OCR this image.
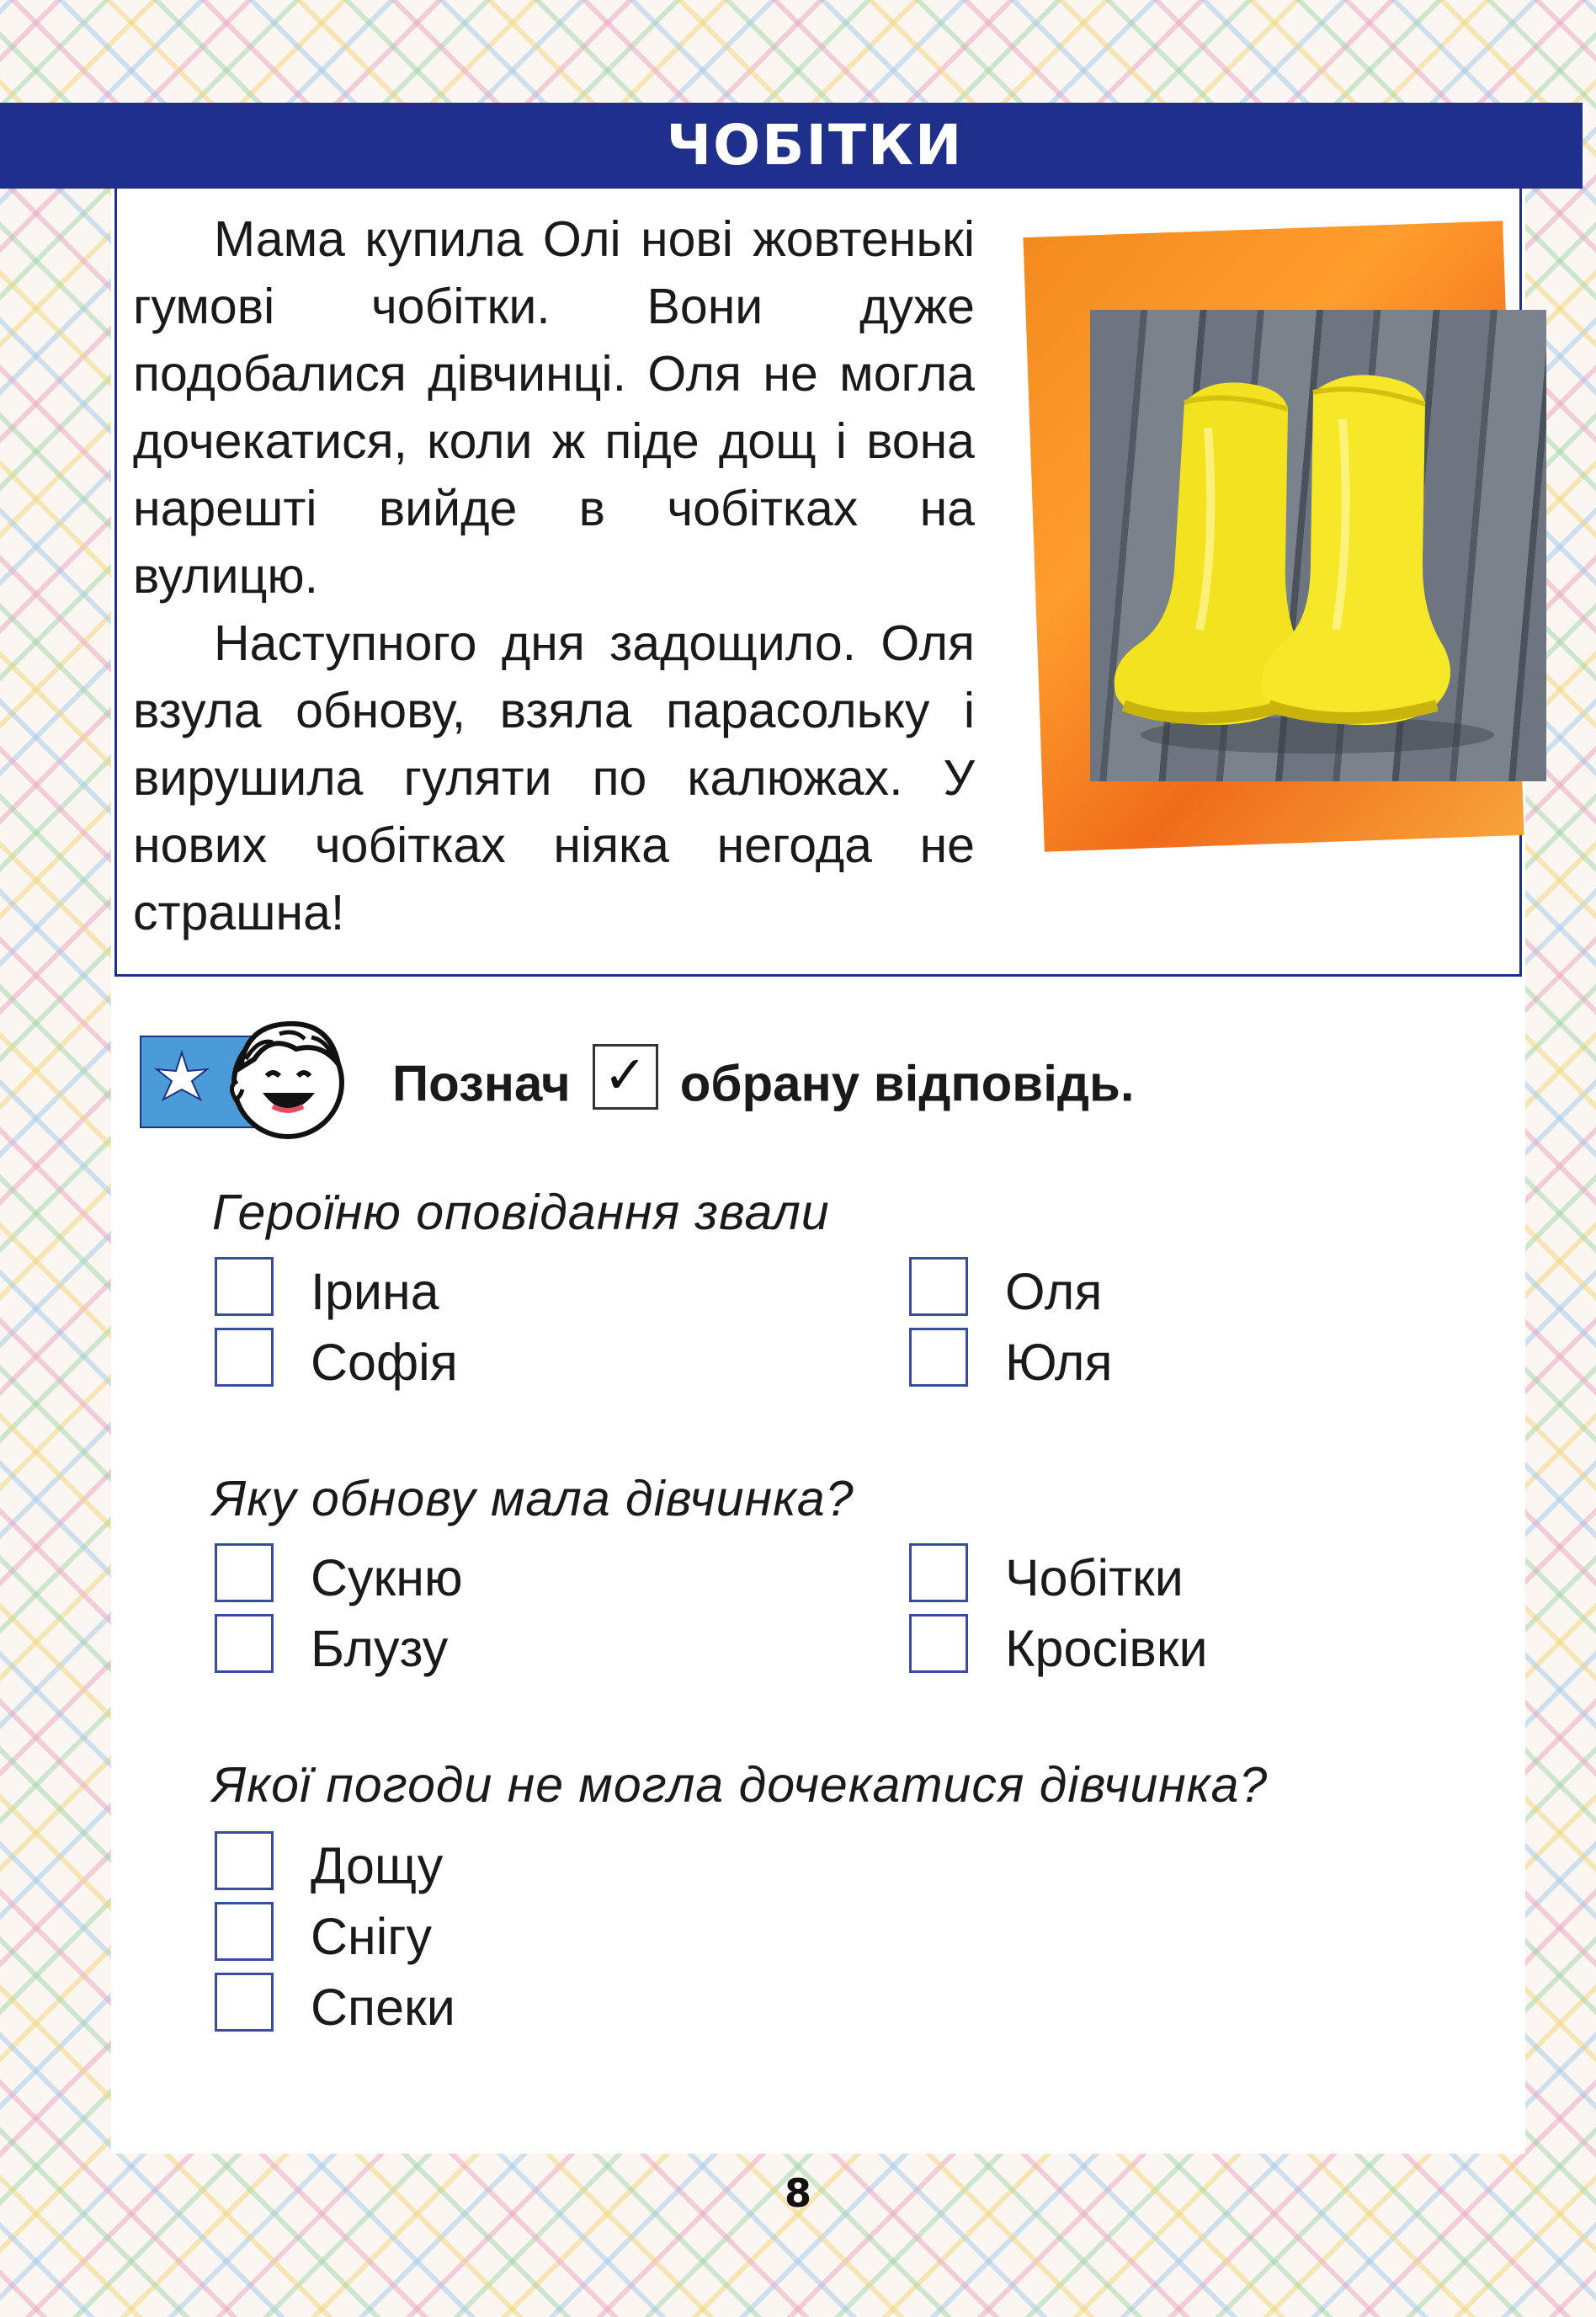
ЧОБІТКИ

Мама купила Олі нові жовтенькі гумові чобітки. Вони дуже подобалися дівчинці. Оля не могла дочекатися, коли ж піде дощ і вона нарешті вийде в чобітках на вулицю.

Наступного дня задощило. Оля взула обнову, взяла парасольку і вирушила гуляти по калюжах. У нових чобітках ніяка негода не страшна!

Познач ✓ обрану відповідь.
Героїню оповідання звали
Ірина
Софія
Оля
Юля
Яку обнову мала дівчинка?
Сукню
Блузу
Чобітки
Кросівки
Якої погоди не могла дочекатися дівчинка?
Дощу
Снігу
Спеки
8
